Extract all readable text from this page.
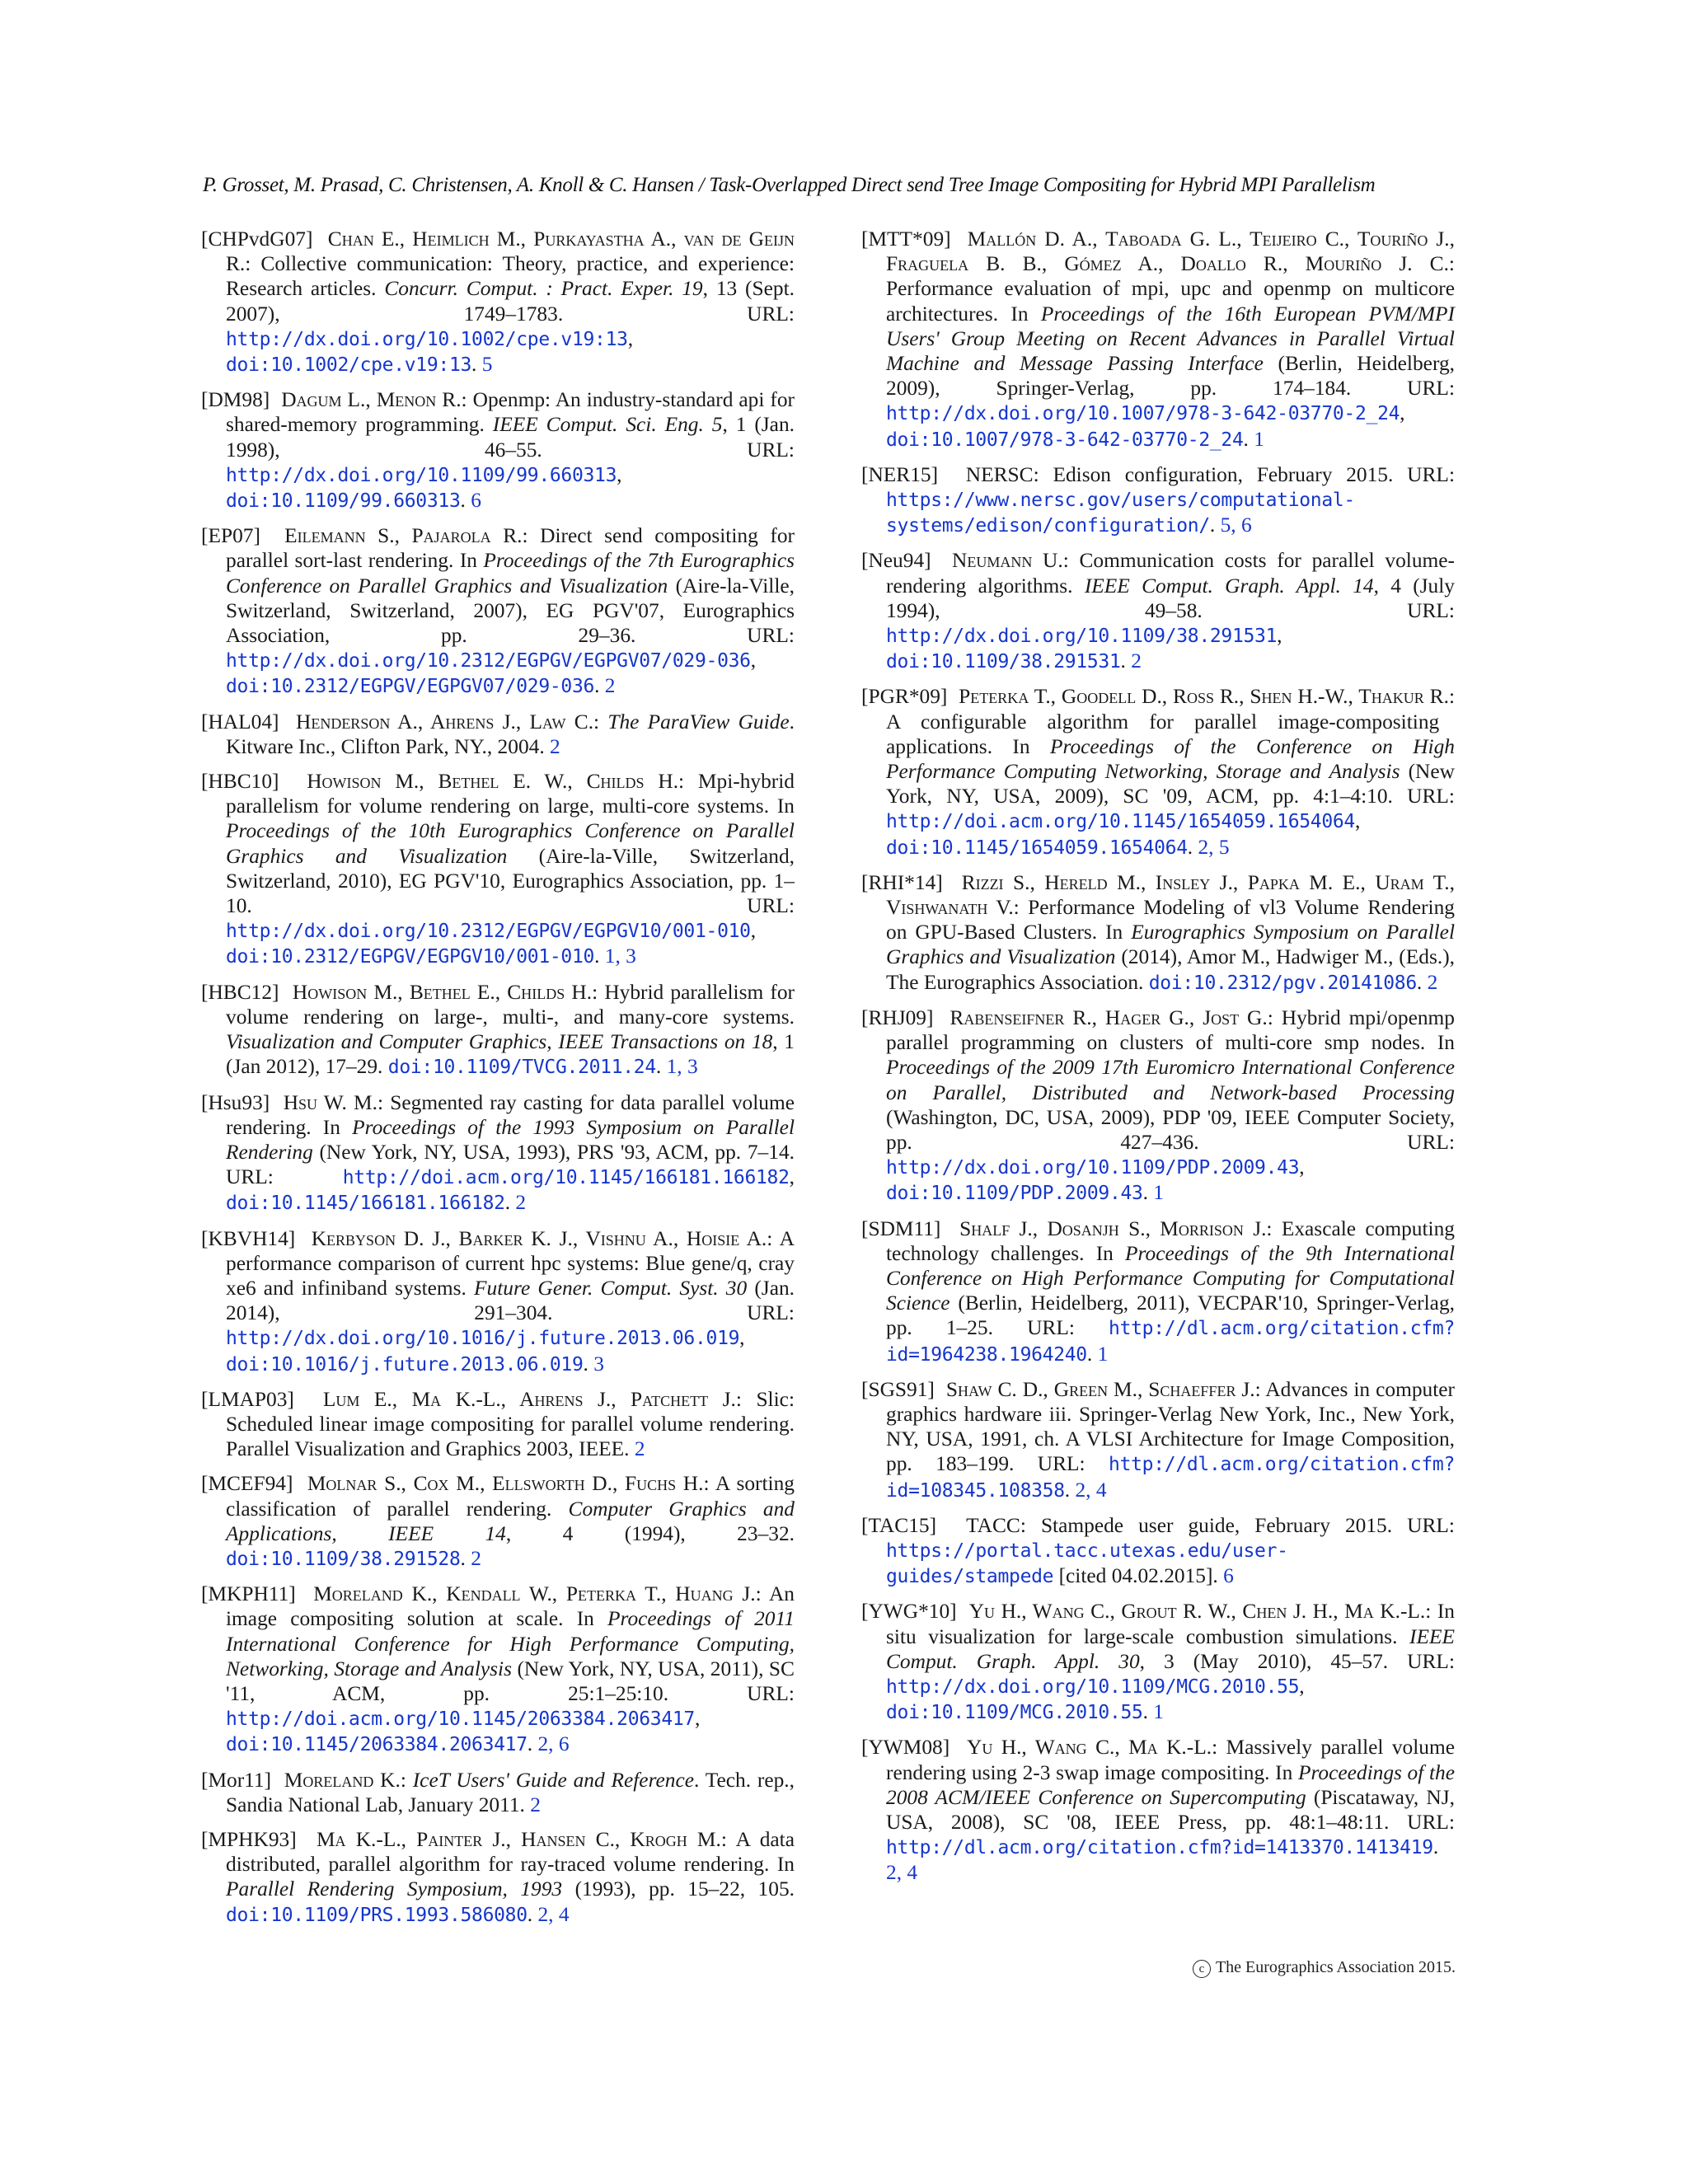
P. Grosset, M. Prasad, C. Christensen, A. Knoll & C. Hansen / Task-Overlapped Direct send Tree Image Compositing for Hybrid MPI Parallelism
[CHPvdG07] Chan E., Heimlich M., Purkayastha A., van de Geijn R.: Collective communication: Theory, practice, and experience: Research articles. Concurr. Comput. : Pract. Exper. 19, 13 (Sept. 2007), 1749–1783. URL: http://dx.doi.org/10.1002/cpe.v19:13, doi:10.1002/cpe.v19:13. 5
[DM98] Dagum L., Menon R.: Openmp: An industry-standard api for shared-memory programming. IEEE Comput. Sci. Eng. 5, 1 (Jan. 1998), 46–55. URL: http://dx.doi.org/10.1109/99.660313, doi:10.1109/99.660313. 6
[EP07] Eilemann S., Pajarola R.: Direct send compositing for parallel sort-last rendering. In Proceedings of the 7th Eurographics Conference on Parallel Graphics and Visualization (Aire-la-Ville, Switzerland, Switzerland, 2007), EG PGV'07, Eurographics Association, pp. 29–36. URL: http://dx.doi.org/10.2312/EGPGV/EGPGV07/029-036, doi:10.2312/EGPGV/EGPGV07/029-036. 2
[HAL04] Henderson A., Ahrens J., Law C.: The ParaView Guide. Kitware Inc., Clifton Park, NY., 2004. 2
[HBC10] Howison M., Bethel E. W., Childs H.: Mpi-hybrid parallelism for volume rendering on large, multi-core systems. In Proceedings of the 10th Eurographics Conference on Parallel Graphics and Visualization (Aire-la-Ville, Switzerland, Switzerland, 2010), EG PGV'10, Eurographics Association, pp. 1–10. URL: http://dx.doi.org/10.2312/EGPGV/EGPGV10/001-010, doi:10.2312/EGPGV/EGPGV10/001-010. 1, 3
[HBC12] Howison M., Bethel E., Childs H.: Hybrid parallelism for volume rendering on large-, multi-, and many-core systems. Visualization and Computer Graphics, IEEE Transactions on 18, 1 (Jan 2012), 17–29. doi:10.1109/TVCG.2011.24. 1, 3
[Hsu93] Hsu W. M.: Segmented ray casting for data parallel volume rendering. In Proceedings of the 1993 Symposium on Parallel Rendering (New York, NY, USA, 1993), PRS '93, ACM, pp. 7–14. URL: http://doi.acm.org/10.1145/166181.166182, doi:10.1145/166181.166182. 2
[KBVH14] Kerbyson D. J., Barker K. J., Vishnu A., Hoisie A.: A performance comparison of current hpc systems: Blue gene/q, cray xe6 and infiniband systems. Future Gener. Comput. Syst. 30 (Jan. 2014), 291–304. URL: http://dx.doi.org/10.1016/j.future.2013.06.019, doi:10.1016/j.future.2013.06.019. 3
[LMAP03] Lum E., Ma K.-L., Ahrens J., Patchett J.: Slic: Scheduled linear image compositing for parallel volume rendering. Parallel Visualization and Graphics 2003, IEEE. 2
[MCEF94] Molnar S., Cox M., Ellsworth D., Fuchs H.: A sorting classification of parallel rendering. Computer Graphics and Applications, IEEE 14, 4 (1994), 23–32. doi:10.1109/38.291528. 2
[MKPH11] Moreland K., Kendall W., Peterka T., Huang J.: An image compositing solution at scale. In Proceedings of 2011 International Conference for High Performance Computing, Networking, Storage and Analysis (New York, NY, USA, 2011), SC '11, ACM, pp. 25:1–25:10. URL: http://doi.acm.org/10.1145/2063384.2063417, doi:10.1145/2063384.2063417. 2, 6
[Mor11] Moreland K.: IceT Users' Guide and Reference. Tech. rep., Sandia National Lab, January 2011. 2
[MPHK93] Ma K.-L., Painter J., Hansen C., Krogh M.: A data distributed, parallel algorithm for ray-traced volume rendering. In Parallel Rendering Symposium, 1993 (1993), pp. 15–22, 105. doi:10.1109/PRS.1993.586080. 2, 4
[MTT*09] Mallón D. A., Taboada G. L., Teijeiro C., Touriño J., Fraguela B. B., Gómez A., Doallo R., Mouriño J. C.: Performance evaluation of mpi, upc and openmp on multicore architectures. In Proceedings of the 16th European PVM/MPI Users' Group Meeting on Recent Advances in Parallel Virtual Machine and Message Passing Interface (Berlin, Heidelberg, 2009), Springer-Verlag, pp. 174–184. URL: http://dx.doi.org/10.1007/978-3-642-03770-2_24, doi:10.1007/978-3-642-03770-2_24. 1
[NER15] NERSC: Edison configuration, February 2015. URL: https://www.nersc.gov/users/computational-systems/edison/configuration/. 5, 6
[Neu94] Neumann U.: Communication costs for parallel volume-rendering algorithms. IEEE Comput. Graph. Appl. 14, 4 (July 1994), 49–58. URL: http://dx.doi.org/10.1109/38.291531, doi:10.1109/38.291531. 2
[PGR*09] Peterka T., Goodell D., Ross R., Shen H.-W., Thakur R.: A configurable algorithm for parallel image-compositing applications. In Proceedings of the Conference on High Performance Computing Networking, Storage and Analysis (New York, NY, USA, 2009), SC '09, ACM, pp. 4:1–4:10. URL: http://doi.acm.org/10.1145/1654059.1654064, doi:10.1145/1654059.1654064. 2, 5
[RHI*14] Rizzi S., Hereld M., Insley J., Papka M. E., Uram T., Vishwanath V.: Performance Modeling of vl3 Volume Rendering on GPU-Based Clusters. In Eurographics Symposium on Parallel Graphics and Visualization (2014), Amor M., Hadwiger M., (Eds.), The Eurographics Association. doi:10.2312/pgv.20141086. 2
[RHJ09] Rabenseifner R., Hager G., Jost G.: Hybrid mpi/openmp parallel programming on clusters of multi-core smp nodes. In Proceedings of the 2009 17th Euromicro International Conference on Parallel, Distributed and Network-based Processing (Washington, DC, USA, 2009), PDP '09, IEEE Computer Society, pp. 427–436. URL: http://dx.doi.org/10.1109/PDP.2009.43, doi:10.1109/PDP.2009.43. 1
[SDM11] Shalf J., Dosanjh S., Morrison J.: Exascale computing technology challenges. In Proceedings of the 9th International Conference on High Performance Computing for Computational Science (Berlin, Heidelberg, 2011), VECPAR'10, Springer-Verlag, pp. 1–25. URL: http://dl.acm.org/citation.cfm?id=1964238.1964240. 1
[SGS91] Shaw C. D., Green M., Schaeffer J.: Advances in computer graphics hardware iii. Springer-Verlag New York, Inc., New York, NY, USA, 1991, ch. A VLSI Architecture for Image Composition, pp. 183–199. URL: http://dl.acm.org/citation.cfm?id=108345.108358. 2, 4
[TAC15] TACC: Stampede user guide, February 2015. URL: https://portal.tacc.utexas.edu/user-guides/stampede [cited 04.02.2015]. 6
[YWG*10] Yu H., Wang C., Grout R. W., Chen J. H., Ma K.-L.: In situ visualization for large-scale combustion simulations. IEEE Comput. Graph. Appl. 30, 3 (May 2010), 45–57. URL: http://dx.doi.org/10.1109/MCG.2010.55, doi:10.1109/MCG.2010.55. 1
[YWM08] Yu H., Wang C., Ma K.-L.: Massively parallel volume rendering using 2-3 swap image compositing. In Proceedings of the 2008 ACM/IEEE Conference on Supercomputing (Piscataway, NJ, USA, 2008), SC '08, IEEE Press, pp. 48:1–48:11. URL: http://dl.acm.org/citation.cfm?id=1413370.1413419. 2, 4
c The Eurographics Association 2015.
